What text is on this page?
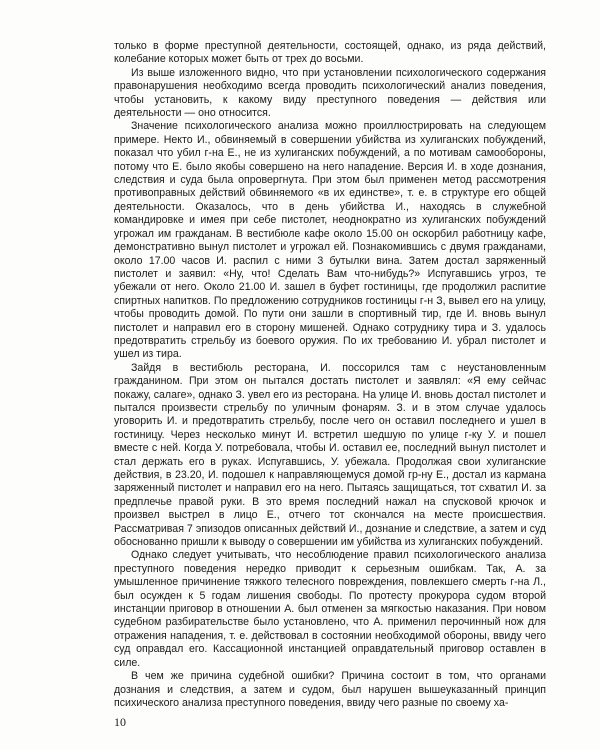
только в форме преступной деятельности, состоящей, однако, из ряда действий, колебание которых может быть от трех до восьми.

Из выше изложенного видно, что при установлении психологического содержания правонарушения необходимо всегда проводить психологический анализ поведения, чтобы установить, к какому виду преступного поведения — действия или деятельности — оно относится.

Значение психологического анализа можно проиллюстрировать на следующем примере. Некто И., обвиняемый в совершении убийства из хулиганских побуждений, показал что убил г-на Е., не из хулиганских побуждений, а по мотивам самообороны, потому что Е. было якобы совершено на него нападение. Версия И. в ходе дознания, следствия и суда была опровергнута. При этом был применен метод рассмотрения противоправных действий обвиняемого «в их единстве», т. е. в структуре его общей деятельности. Оказалось, что в день убийства И., находясь в служебной командировке и имея при себе пистолет, неоднократно из хулиганских побуждений угрожал им гражданам. В вестибюле кафе около 15.00 он оскорбил работницу кафе, демонстративно вынул пистолет и угрожал ей. Познакомившись с двумя гражданами, около 17.00 часов И. распил с ними 3 бутылки вина. Затем достал заряженный пистолет и заявил: «Ну, что! Сделать Вам что-нибудь?» Испугавшись угроз, те убежали от него. Около 21.00 И. зашел в буфет гостиницы, где продолжил распитие спиртных напитков. По предложению сотрудников гостиницы г-н З, вывел его на улицу, чтобы проводить домой. По пути они зашли в спортивный тир, где И. вновь вынул пистолет и направил его в сторону мишеней. Однако сотруднику тира и З. удалось предотвратить стрельбу из боевого оружия. По их требованию И. убрал пистолет и ушел из тира.

Зайдя в вестибюль ресторана, И. поссорился там с неустановленным гражданином. При этом он пытался достать пистолет и заявлял: «Я ему сейчас покажу, салаге», однако З. увел его из ресторана. На улице И. вновь достал пистолет и пытался произвести стрельбу по уличным фонарям. З. и в этом случае удалось уговорить И. и предотвратить стрельбу, после чего он оставил последнего и ушел в гостиницу. Через несколько минут И. встретил шедшую по улице г-ку У. и пошел вместе с ней. Когда У. потребовала, чтобы И. оставил ее, последний вынул пистолет и стал держать его в руках. Испугавшись, У. убежала. Продолжая свои хулиганские действия, в 23.20, И. подошел к направляющемуся домой гр-ну Е., достал из кармана заряженный пистолет и направил его на него. Пытаясь защищаться, тот схватил И. за предплечье правой руки. В это время последний нажал на спусковой крючок и произвел выстрел в лицо Е., отчего тот скончался на месте происшествия. Рассматривая 7 эпизодов описанных действий И., дознание и следствие, а затем и суд обоснованно пришли к выводу о совершении им убийства из хулиганских побуждений.

Однако следует учитывать, что несоблюдение правил психологического анализа преступного поведения нередко приводит к серьезным ошибкам. Так, А. за умышленное причинение тяжкого телесного повреждения, повлекшего смерть г-на Л., был осужден к 5 годам лишения свободы. По протесту прокурора судом второй инстанции приговор в отношении А. был отменен за мягкостью наказания. При новом судебном разбирательстве было установлено, что А. применил перочинный нож для отражения нападения, т. е. действовал в состоянии необходимой обороны, ввиду чего суд оправдал его. Кассационной инстанцией оправдательный приговор оставлен в силе.

В чем же причина судебной ошибки? Причина состоит в том, что органами дознания и следствия, а затем и судом, был нарушен вышеуказанный принцип психического анализа преступного поведения, ввиду чего разные по своему ха-

10
